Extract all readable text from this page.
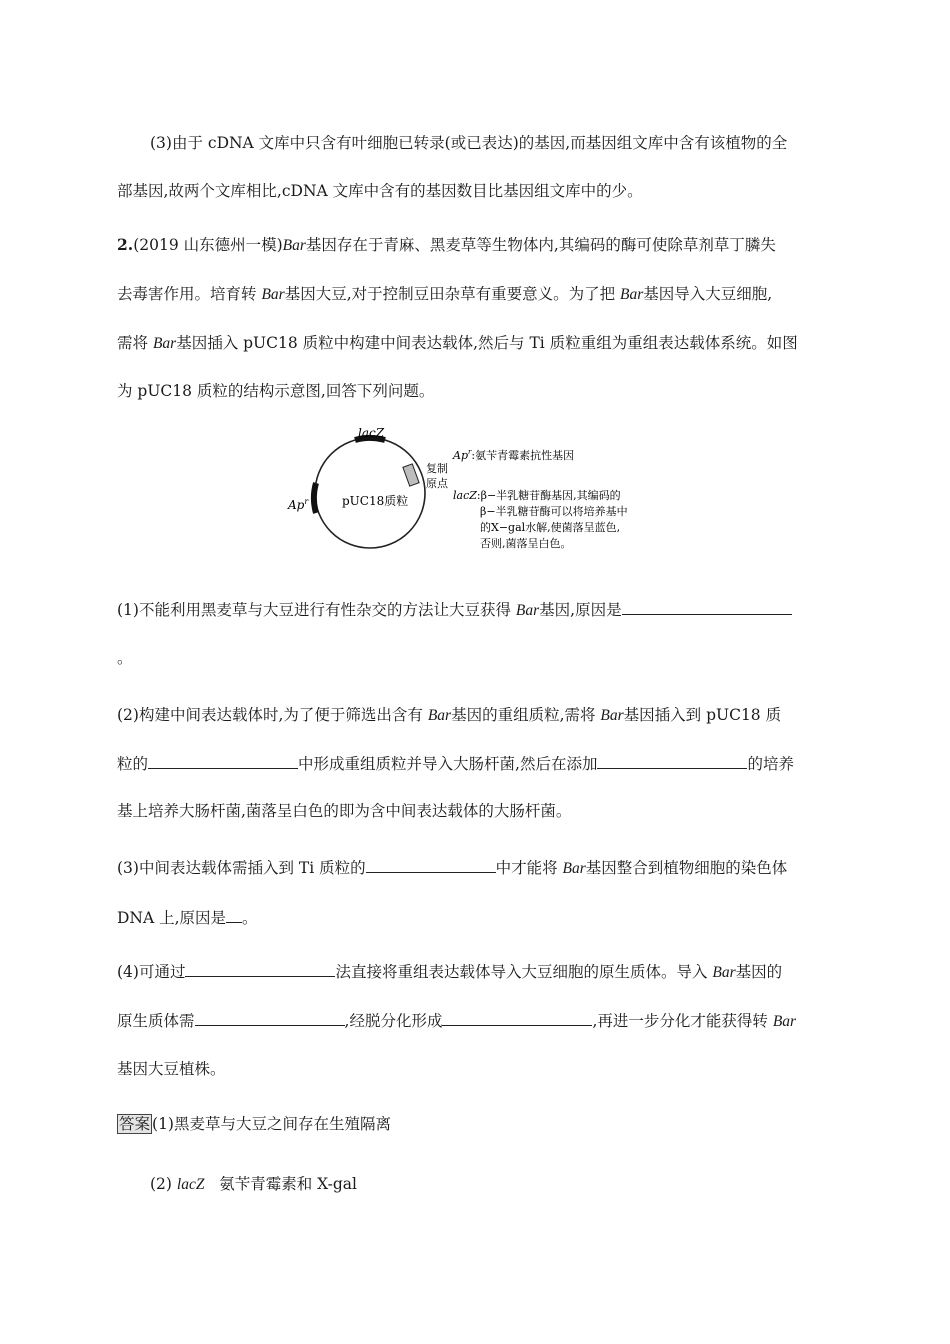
(3)由于 cDNA 文库中只含有叶细胞已转录(或已表达)的基因,而基因组文库中含有该植物的全
部基因,故两个文库相比,cDNA 文库中含有的基因数目比基因组文库中的少。
2.(2019 山东德州一模)Bar基因存在于青麻、黑麦草等生物体内,其编码的酶可使除草剂草丁膦失
去毒害作用。培育转 Bar基因大豆,对于控制豆田杂草有重要意义。为了把 Bar基因导入大豆细胞,
需将 Bar基因插入 pUC18 质粒中构建中间表达载体,然后与 Ti 质粒重组为重组表达载体系统。如图
为 pUC18 质粒的结构示意图,回答下列问题。
pUC18质粒
lacZ
Ap$^r$
复制
原点
Ap$^r$:氨苄青霉素抗性基因
lacZ:β−半乳糖苷酶基因,其编码的
β−半乳糖苷酶可以将培养基中
的X−gal水解,使菌落呈蓝色,
否则,菌落呈白色。
(1)不能利用黑麦草与大豆进行有性杂交的方法让大豆获得 Bar基因,原因是
。
(2)构建中间表达载体时,为了便于筛选出含有 Bar基因的重组质粒,需将 Bar基因插入到 pUC18 质
粒的	中形成重组质粒并导入大肠杆菌,然后在添加	的培养
基上培养大肠杆菌,菌落呈白色的即为含中间表达载体的大肠杆菌。
(3)中间表达载体需插入到 Ti 质粒的	中才能将 Bar基因整合到植物细胞的染色体
DNA 上,原因是 。
(4)可通过	法直接将重组表达载体导入大豆细胞的原生质体。导入 Bar基因的
原生质体需	,经脱分化形成	,再进一步分化才能获得转 Bar
基因大豆植株。
答案 (1)黑麦草与大豆之间存在生殖隔离
(2) lacZ   氨苄青霉素和 X-gal
